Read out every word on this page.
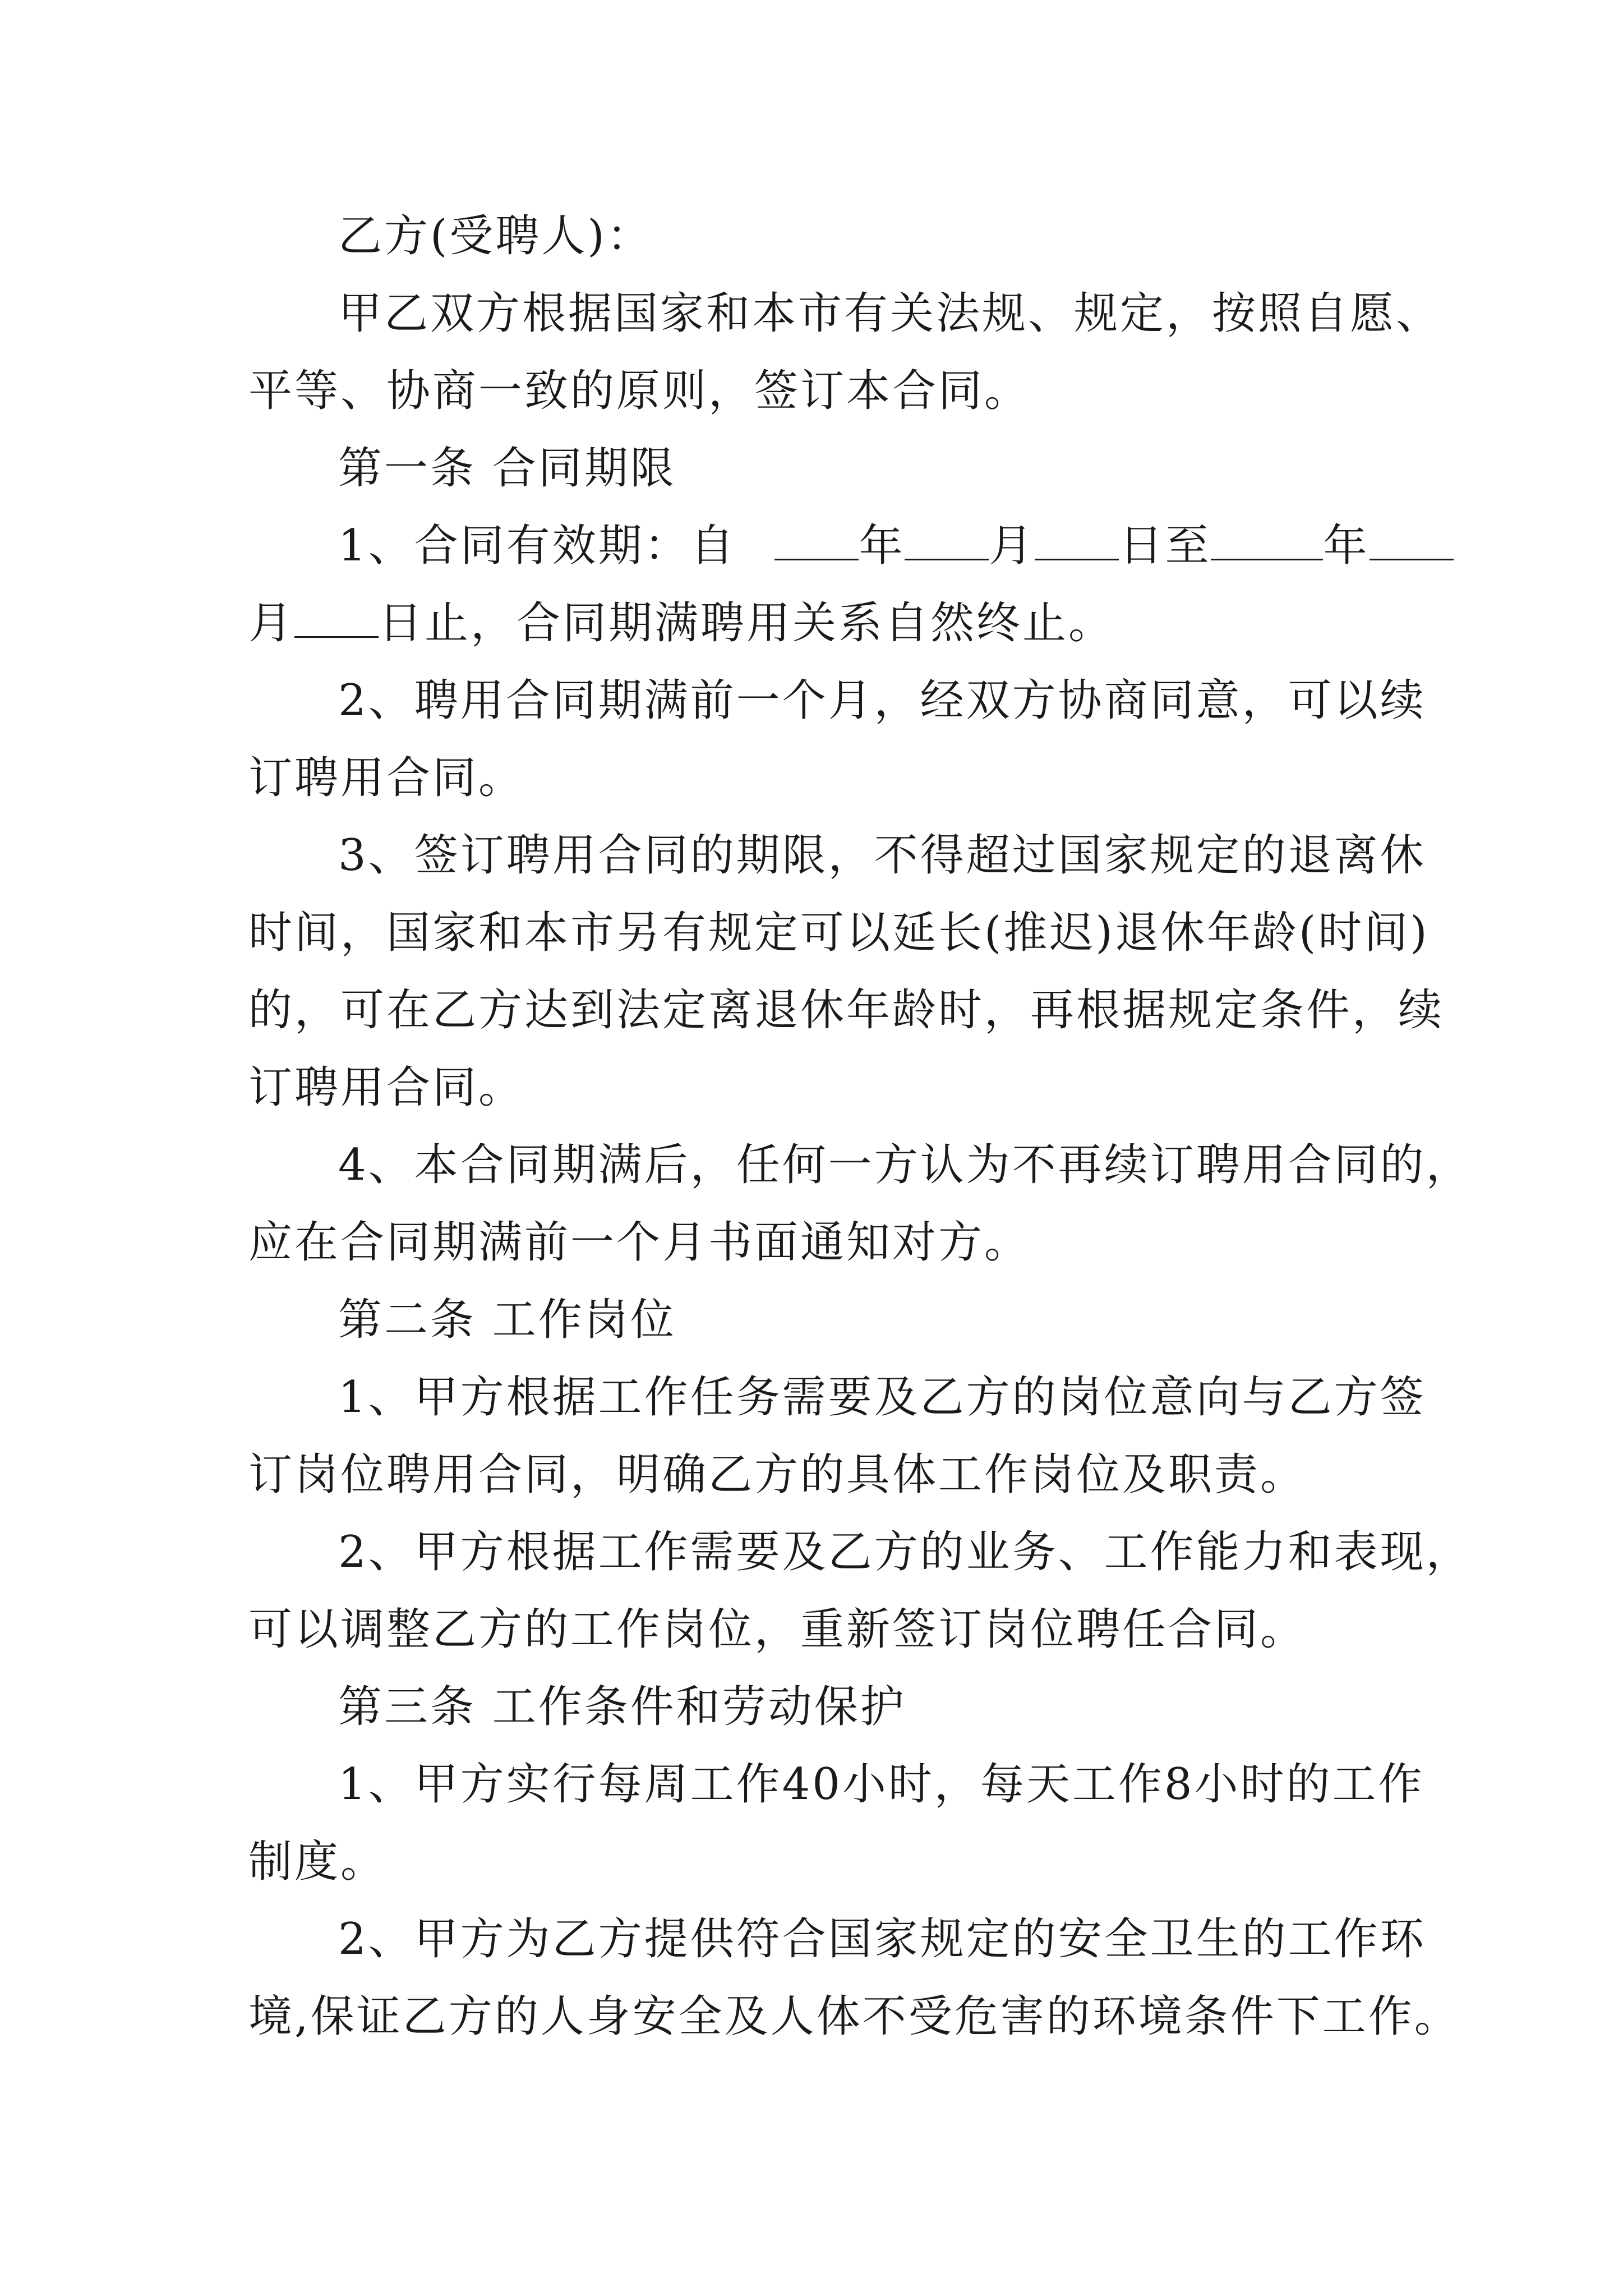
乙方(受聘人)：
甲乙双方根据国家和本市有关法规、规定，按照自愿、
平等、协商一致的原则，签订本合同。
第一条 合同期限
1、合同有效期：自	年 月 日至	年
月 日止，合同期满聘用关系自然终止。
2、聘用合同期满前一个月，经双方协商同意，可以续
订聘用合同。
3、签订聘用合同的期限，不得超过国家规定的退离休
时间，国家和本市另有规定可以延长(推迟)退休年龄(时间)
的，可在乙方达到法定离退休年龄时，再根据规定条件，续
订聘用合同。
4、本合同期满后，任何一方认为不再续订聘用合同的，
应在合同期满前一个月书面通知对方。
第二条 工作岗位
1、甲方根据工作任务需要及乙方的岗位意向与乙方签
订岗位聘用合同，明确乙方的具体工作岗位及职责。
2、甲方根据工作需要及乙方的业务、工作能力和表现，
可以调整乙方的工作岗位，重新签订岗位聘任合同。
第三条 工作条件和劳动保护
1、甲方实行每周工作40小时，每天工作8小时的工作
制度。
2、甲方为乙方提供符合国家规定的安全卫生的工作环
境,保证乙方的人身安全及人体不受危害的环境条件下工作。
